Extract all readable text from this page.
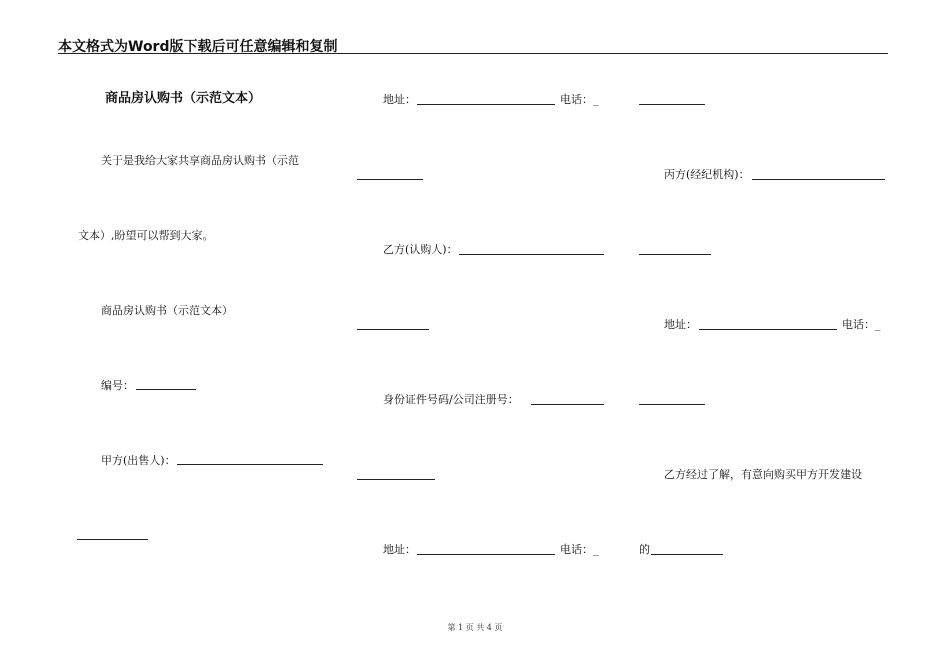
本文格式为Word版下载后可任意编辑和复制
商品房认购书（示范文本）
关于是我给大家共享商品房认购书（示范
文本）,盼望可以帮到大家。
商品房认购书（示范文本）
编号：
甲方(出售人)：
地址：	电话：_
乙方(认购人)：
身份证件号码/公司注册号：
地址：	电话：_
丙方(经纪机构)：
地址：	电话：_
乙方经过了解，有意向购买甲方开发建设
的
第 1 页 共 4 页
